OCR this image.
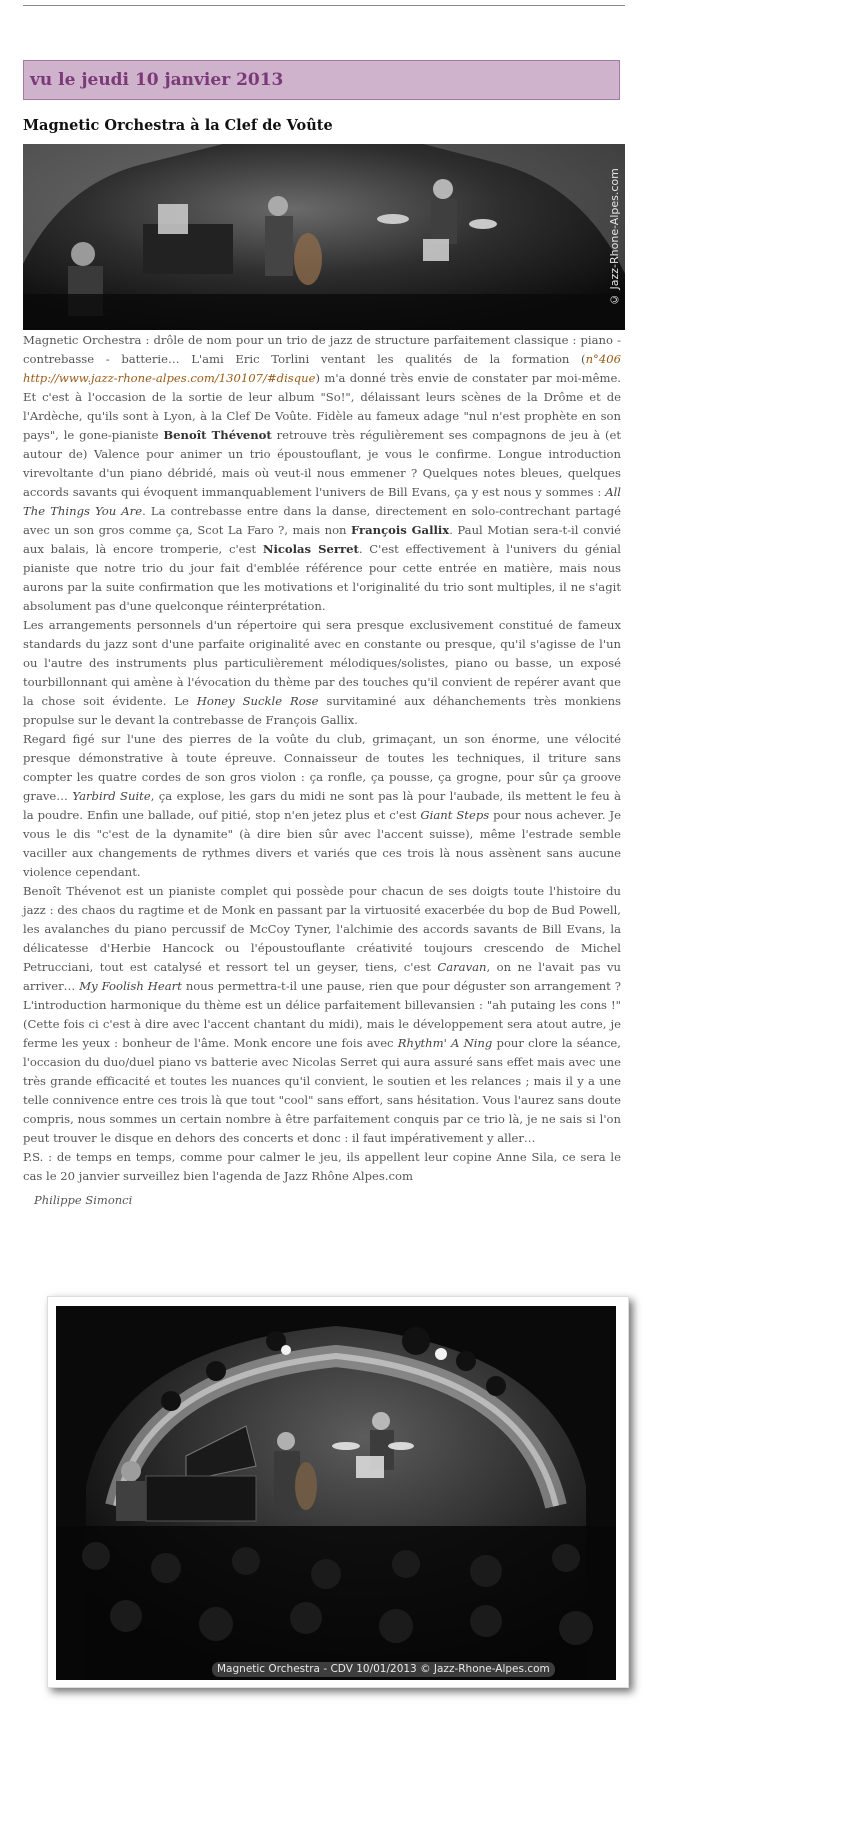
vu le jeudi 10 janvier 2013
Magnetic Orchestra à la Clef de Voûte
© Jazz-Rhone-Alpes.com

Magnetic Orchestra : drôle de nom pour un trio de jazz de structure parfaitement classique : piano - contrebasse - batterie… L'ami Eric Torlini ventant les qualités de la formation (n°406 http://www.jazz-rhone-alpes.com/130107/#disque) m'a donné très envie de constater par moi-même. Et c'est à l'occasion de la sortie de leur album "So!", délaissant leurs scènes de la Drôme et de l'Ardèche, qu'ils sont à Lyon, à la Clef De Voûte. Fidèle au fameux adage "nul n'est prophète en son pays", le gone-pianiste Benoît Thévenot retrouve très régulièrement ses compagnons de jeu à (et autour de) Valence pour animer un trio époustouflant, je vous le confirme. Longue introduction virevoltante d'un piano débridé, mais où veut-il nous emmener ? Quelques notes bleues, quelques accords savants qui évoquent immanquablement l'univers de Bill Evans, ça y est nous y sommes : All The Things You Are. La contrebasse entre dans la danse, directement en solo-contrechant partagé avec un son gros comme ça, Scot La Faro ?, mais non François Gallix. Paul Motian sera-t-il convié aux balais, là encore tromperie, c'est Nicolas Serret. C'est effectivement à l'univers du génial pianiste que notre trio du jour fait d'emblée référence pour cette entrée en matière, mais nous aurons par la suite confirmation que les motivations et l'originalité du trio sont multiples, il ne s'agit absolument pas d'une quelconque réinterprétation.

Les arrangements personnels d'un répertoire qui sera presque exclusivement constitué de fameux standards du jazz sont d'une parfaite originalité avec en constante ou presque, qu'il s'agisse de l'un ou l'autre des instruments plus particulièrement mélodiques/solistes, piano ou basse, un exposé tourbillonnant qui amène à l'évocation du thème par des touches qu'il convient de repérer avant que la chose soit évidente. Le Honey Suckle Rose survitaminé aux déhanchements très monkiens propulse sur le devant la contrebasse de François Gallix.

Regard figé sur l'une des pierres de la voûte du club, grimaçant, un son énorme, une vélocité presque démonstrative à toute épreuve. Connaisseur de toutes les techniques, il triture sans compter les quatre cordes de son gros violon : ça ronfle, ça pousse, ça grogne, pour sûr ça groove grave… Yarbird Suite, ça explose, les gars du midi ne sont pas là pour l'aubade, ils mettent le feu à la poudre. Enfin une ballade, ouf pitié, stop n'en jetez plus et c'est Giant Steps pour nous achever. Je vous le dis "c'est de la dynamite" (à dire bien sûr avec l'accent suisse), même l'estrade semble vaciller aux changements de rythmes divers et variés que ces trois là nous assènent sans aucune violence cependant.

Benoît Thévenot est un pianiste complet qui possède pour chacun de ses doigts toute l'histoire du jazz : des chaos du ragtime et de Monk en passant par la virtuosité exacerbée du bop de Bud Powell, les avalanches du piano percussif de McCoy Tyner, l'alchimie des accords savants de Bill Evans, la délicatesse d'Herbie Hancock ou l'époustouflante créativité toujours crescendo de Michel Petrucciani, tout est catalysé et ressort tel un geyser, tiens, c'est Caravan, on ne l'avait pas vu arriver… My Foolish Heart nous permettra-t-il une pause, rien que pour déguster son arrangement ? L'introduction harmonique du thème est un délice parfaitement billevansien : "ah putaing les cons !" (Cette fois ci c'est à dire avec l'accent chantant du midi), mais le développement sera atout autre, je ferme les yeux : bonheur de l'âme. Monk encore une fois avec Rhythm' A Ning pour clore la séance, l'occasion du duo/duel piano vs batterie avec Nicolas Serret qui aura assuré sans effet mais avec une très grande efficacité et toutes les nuances qu'il convient, le soutien et les relances ; mais il y a une telle connivence entre ces trois là que tout "cool" sans effort, sans hésitation. Vous l'aurez sans doute compris, nous sommes un certain nombre à être parfaitement conquis par ce trio là, je ne sais si l'on peut trouver le disque en dehors des concerts et donc : il faut impérativement y aller…

P.S. : de temps en temps, comme pour calmer le jeu, ils appellent leur copine Anne Sila, ce sera le cas le 20 janvier surveillez bien l'agenda de Jazz Rhône Alpes.com

Philippe Simonci
Magnetic Orchestra - CDV 10/01/2013 © Jazz-Rhone-Alpes.com
